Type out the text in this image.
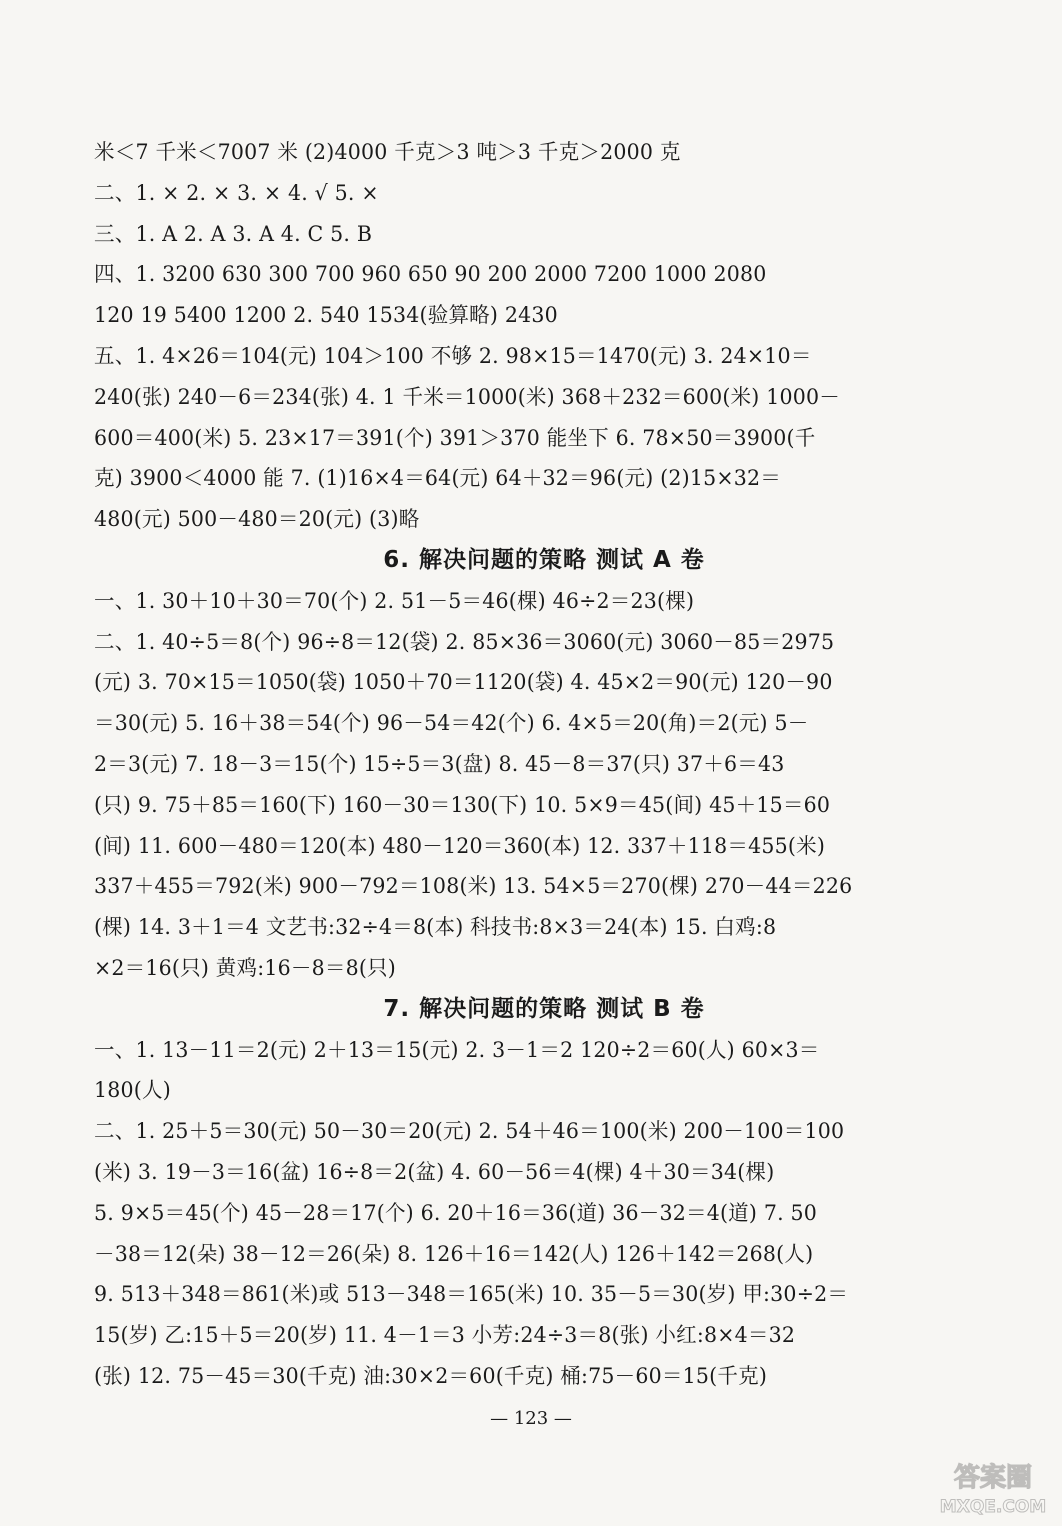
米＜7 千米＜7007 米 (2)4000 千克＞3 吨＞3 千克＞2000 克
二、1. × 2. × 3. × 4. √ 5. ×
三、1. A 2. A 3. A 4. C 5. B
四、1. 3200 630 300 700 960 650 90 200 2000 7200 1000 2080
120 19 5400 1200 2. 540 1534(验算略) 2430
五、1. 4×26＝104(元) 104＞100 不够 2. 98×15＝1470(元) 3. 24×10＝
240(张) 240－6＝234(张) 4. 1 千米＝1000(米) 368＋232＝600(米) 1000－
600＝400(米) 5. 23×17＝391(个) 391＞370 能坐下 6. 78×50＝3900(千
克) 3900＜4000 能 7. (1)16×4＝64(元) 64＋32＝96(元) (2)15×32＝
480(元) 500－480＝20(元) (3)略
6. 解决问题的策略 测试 A 卷
一、1. 30＋10＋30＝70(个) 2. 51－5＝46(棵) 46÷2＝23(棵)
二、1. 40÷5＝8(个) 96÷8＝12(袋) 2. 85×36＝3060(元) 3060－85＝2975
(元) 3. 70×15＝1050(袋) 1050＋70＝1120(袋) 4. 45×2＝90(元) 120－90
＝30(元) 5. 16＋38＝54(个) 96－54＝42(个) 6. 4×5＝20(角)＝2(元) 5－
2＝3(元) 7. 18－3＝15(个) 15÷5＝3(盘) 8. 45－8＝37(只) 37＋6＝43
(只) 9. 75＋85＝160(下) 160－30＝130(下) 10. 5×9＝45(间) 45＋15＝60
(间) 11. 600－480＝120(本) 480－120＝360(本) 12. 337＋118＝455(米)
337＋455＝792(米) 900－792＝108(米) 13. 54×5＝270(棵) 270－44＝226
(棵) 14. 3＋1＝4 文艺书:32÷4＝8(本) 科技书:8×3＝24(本) 15. 白鸡:8
×2＝16(只) 黄鸡:16－8＝8(只)
7. 解决问题的策略 测试 B 卷
一、1. 13－11＝2(元) 2＋13＝15(元) 2. 3－1＝2 120÷2＝60(人) 60×3＝
180(人)
二、1. 25＋5＝30(元) 50－30＝20(元) 2. 54＋46＝100(米) 200－100＝100
(米) 3. 19－3＝16(盆) 16÷8＝2(盆) 4. 60－56＝4(棵) 4＋30＝34(棵)
5. 9×5＝45(个) 45－28＝17(个) 6. 20＋16＝36(道) 36－32＝4(道) 7. 50
－38＝12(朵) 38－12＝26(朵) 8. 126＋16＝142(人) 126＋142＝268(人)
9. 513＋348＝861(米)或 513－348＝165(米) 10. 35－5＝30(岁) 甲:30÷2＝
15(岁) 乙:15＋5＝20(岁) 11. 4－1＝3 小芳:24÷3＝8(张) 小红:8×4＝32
(张) 12. 75－45＝30(千克) 油:30×2＝60(千克) 桶:75－60＝15(千克)
— 123 —
答案圈
MXQE.COM
